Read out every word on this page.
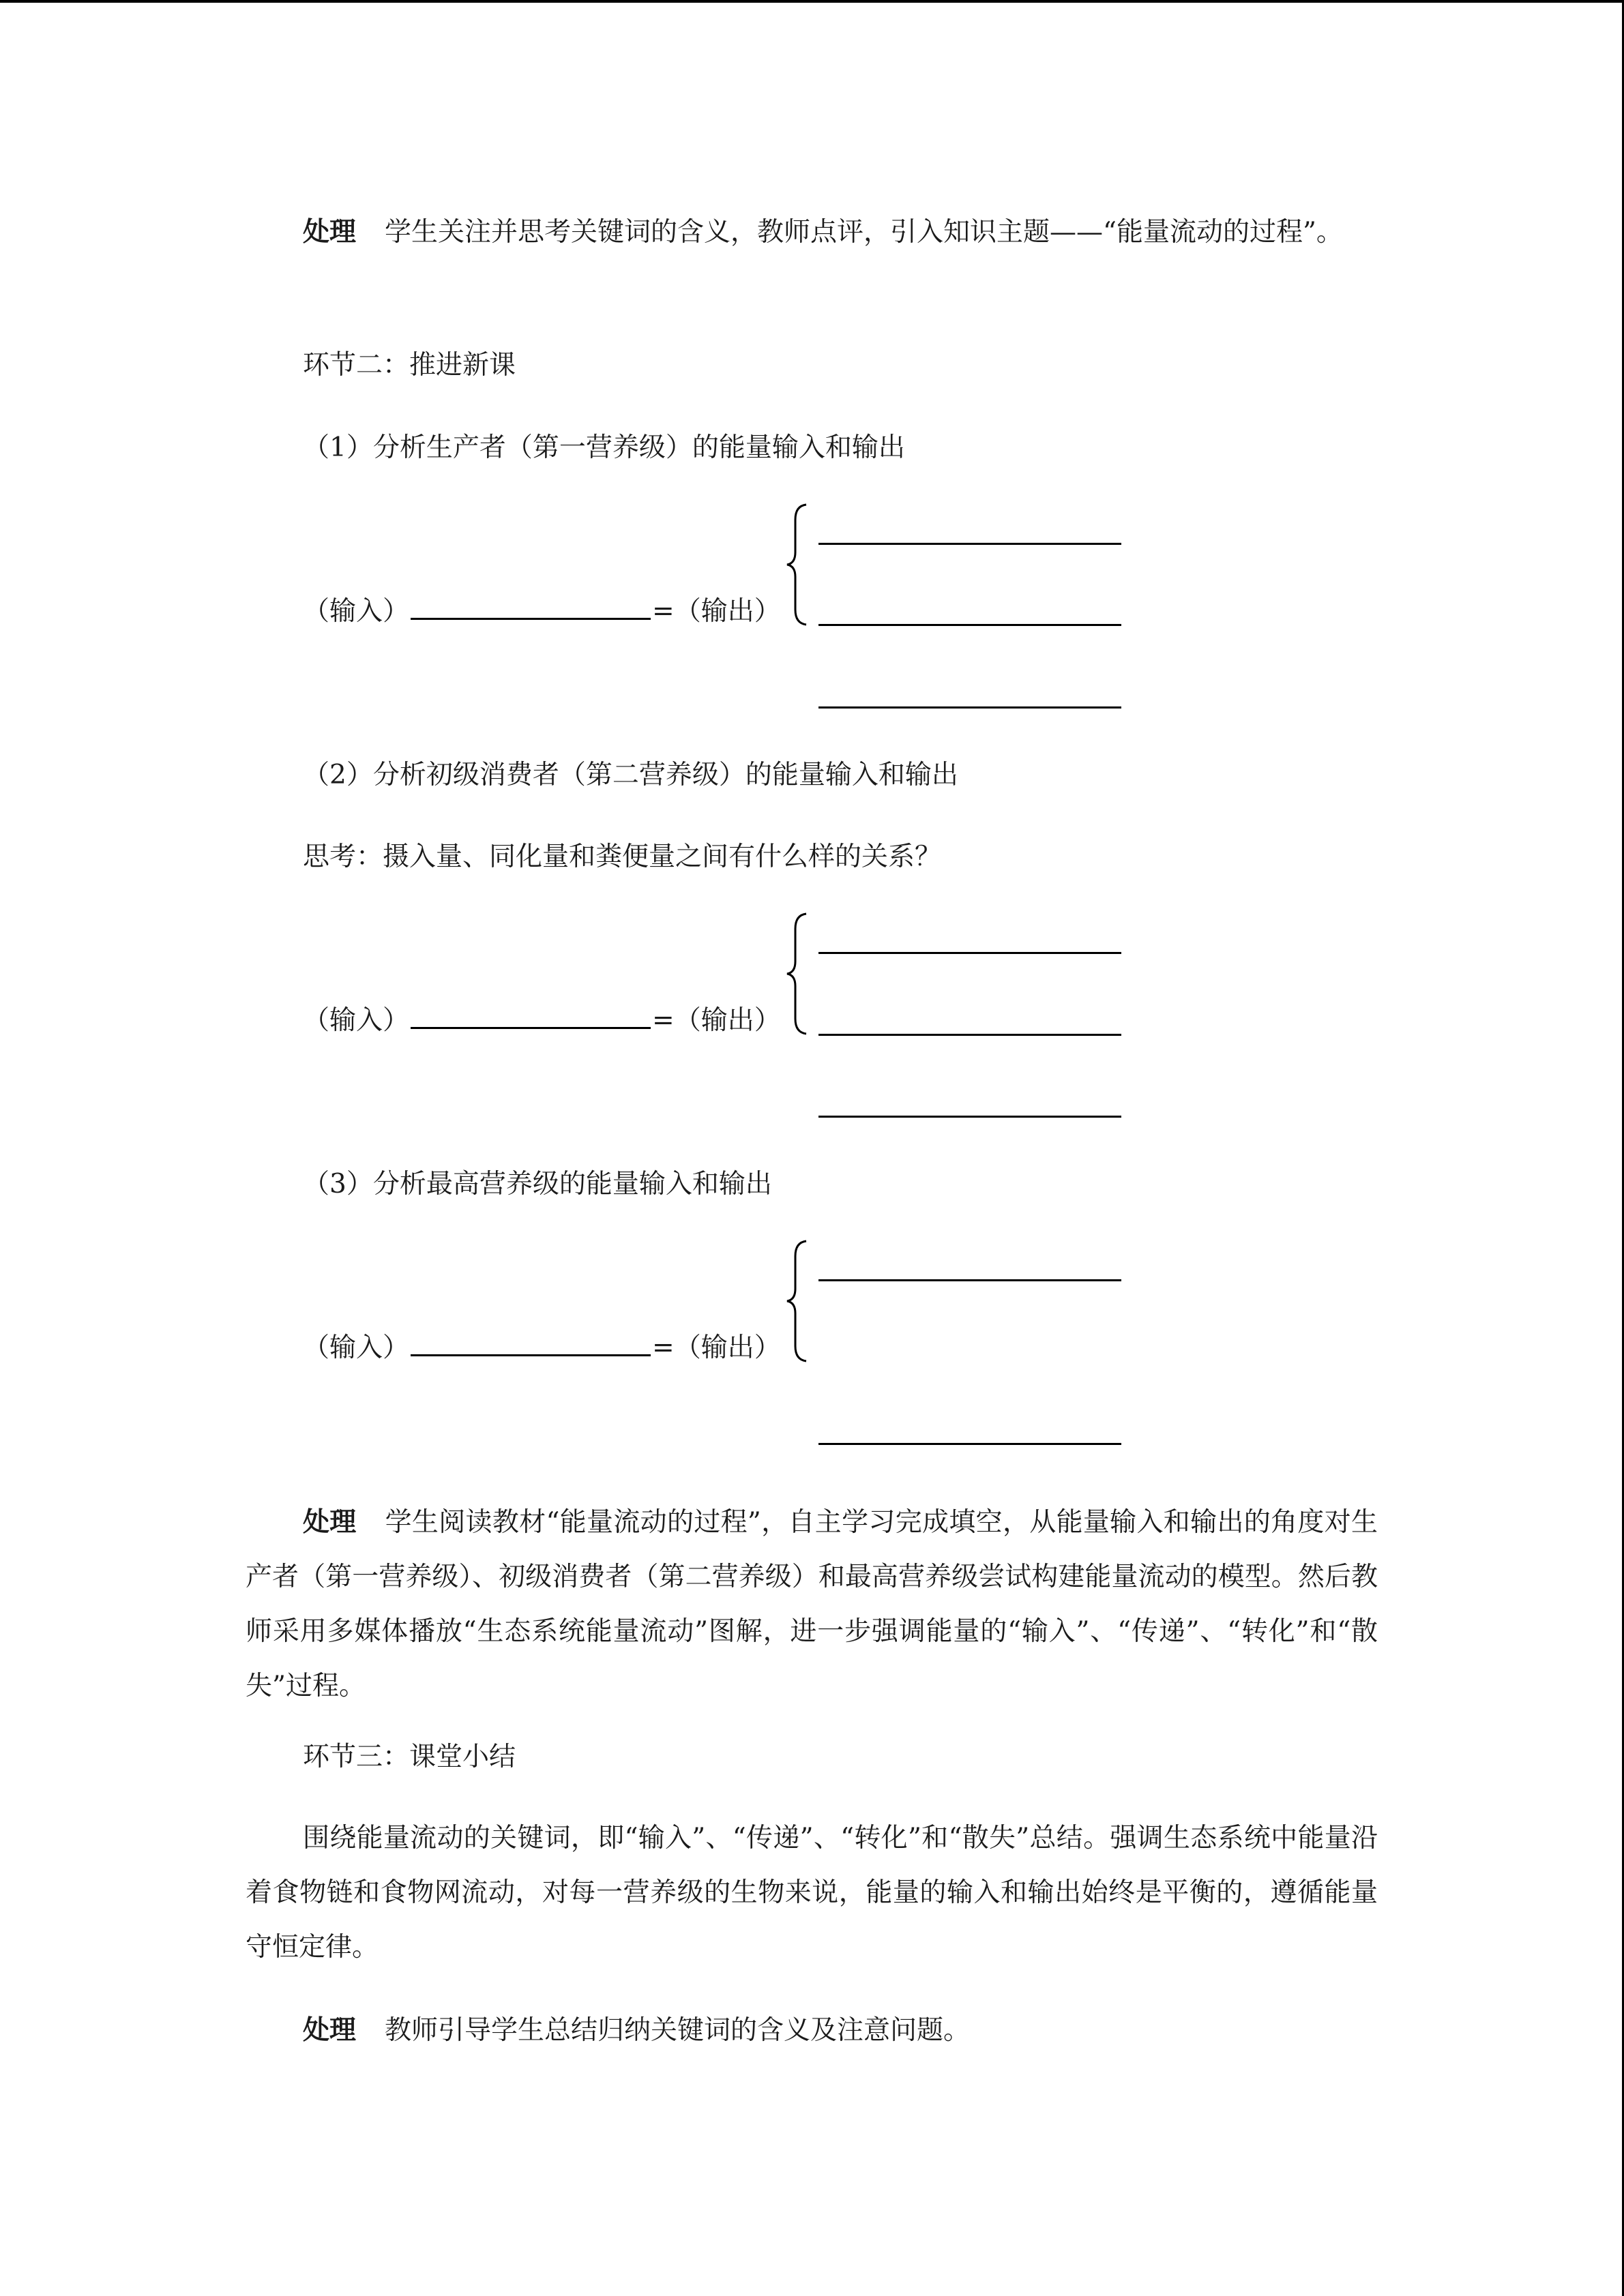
处理 学生关注并思考关键词的含义，教师点评，引入知识主题——“能量流动的过程”。
环节二：推进新课
（1）分析生产者（第一营养级）的能量输入和输出
（输入）	=（输出）
（2）分析初级消费者（第二营养级）的能量输入和输出
思考：摄入量、同化量和粪便量之间有什么样的关系？
（输入）	=（输出）
（3）分析最高营养级的能量输入和输出
（输入）	=（输出）
处理 学生阅读教材“能量流动的过程”，自主学习完成填空，从能量输入和输出的角度对生产者（第一营养级）、初级消费者（第二营养级）和最高营养级尝试构建能量流动的模型。然后教师采用多媒体播放“生态系统能量流动”图解，进一步强调能量的“输入”、“传递”、“转化”和“散失”过程。
环节三：课堂小结
围绕能量流动的关键词，即“输入”、“传递”、“转化”和“散失”总结。强调生态系统中能量沿着食物链和食物网流动，对每一营养级的生物来说，能量的输入和输出始终是平衡的，遵循能量守恒定律。
处理 教师引导学生总结归纳关键词的含义及注意问题。
